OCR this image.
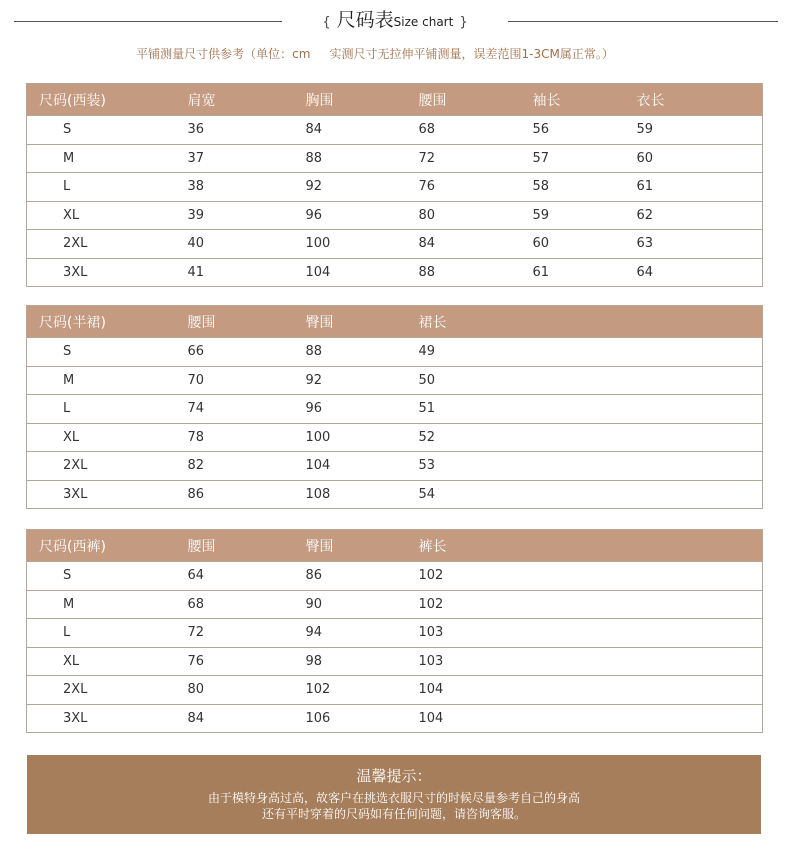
{ 尺码表Size chart }
平铺测量尺寸供参考（单位：cm     实测尺寸无拉伸平铺测量，误差范围1-3CM属正常。）
尺码(西装)	肩宽	胸围	腰围	袖长	衣长
S	36	84	68	56	59
M	37	88	72	57	60
L	38	92	76	58	61
XL	39	96	80	59	62
2XL	40	100	84	60	63
3XL	41	104	88	61	64
尺码(半裙)	腰围	臀围	裙长		
S	66	88	49		
M	70	92	50		
L	74	96	51		
XL	78	100	52		
2XL	82	104	53		
3XL	86	108	54		
尺码(西裤)	腰围	臀围	裤长		
S	64	86	102		
M	68	90	102		
L	72	94	103		
XL	76	98	103		
2XL	80	102	104		
3XL	84	106	104		
温馨提示：
由于模特身高过高，故客户在挑选衣服尺寸的时候尽量参考自己的身高
还有平时穿着的尺码如有任何问题，请咨询客服。
